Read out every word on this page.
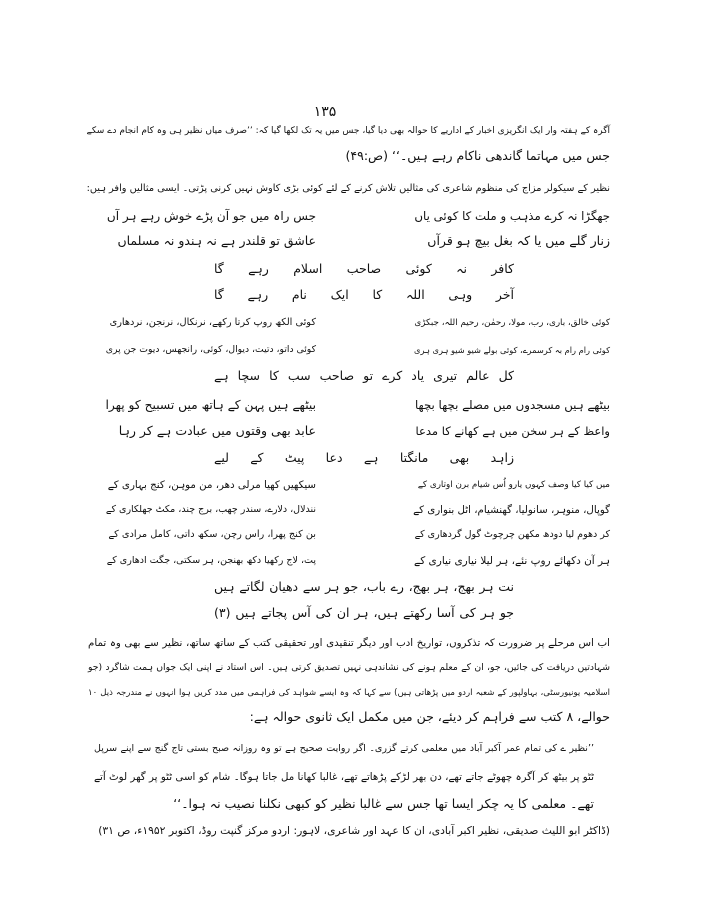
۱۳۵
آگرہ کے ہفتہ وار ایک انگریزی اخبار کے اداریے کا حوالہ بھی دیا گیا، جس میں یہ تک لکھا گیا کہ: ’’صرف میاں نظیر ہی وہ کام انجام دے سکے
جس میں مہاتما گاندھی ناکام رہے ہیں۔‘‘ (ص:۴۹)
نظیر کے سیکولر مزاج کی منظوم شاعری کی مثالیں تلاش کرنے کے لئے کوئی بڑی کاوش نہیں کرنی پڑتی۔ ایسی مثالیں وافر ہیں:
جس راہ میں جو آن پڑے خوش رہے ہر آں	جھگڑا نہ کرے مذہب و ملت کا کوئی یاں
عاشق تو قلندر ہے نہ ہندو نہ مسلماں	زنار گلے میں یا کہ بغل بیچ ہو قرآں
کافر نہ کوئی صاحب اسلام رہے گا
آخر وہی اللہ کا ایک نام رہے گا
کوئی الکھ روپ کرتا رکھے، نرنکال، نرنجن، نردھاری	کوئی خالق، باری، رب، مولا، رحمٰن، رحیم اللہ، جبکڑی
کوئی داتو، دتیت، دیوال، کوئی، رانجھس، دیوت جن پری	کوئی رام رام بہ کرسمرے، کوئی بولے شیو شیو ہری ہری
کل عالم تیری یاد کرے تو صاحب سب کا سچا ہے
بیٹھے ہیں پہن کے ہاتھ میں تسبیح کو پھرا	بیٹھے ہیں مسجدوں میں مصلے بچھا بچھا
عابد بھی وقتوں میں عبادت ہے کر رہا	واعظ کے ہر سخن میں ہے کھانے کا مدعا
زاہد بھی مانگتا ہے دعا پیٹ کے لیے
سیکھیں کھیا مرلی دھر، من موہن، کنج بہاری کے	میں کیا کیا وصف کہوں یارو اُس شیام برن اوتاری کے
نندلال، دلارے، سندر چھب، برج چند، مکٹ جھلکاری کے	گوپال، منوہر، سانولیا، گھنشیام، اٹل بنواری کے
بن کنج پھرا، راس رچن، سکھ داتی، کامل مرادی کے	کر دھوم لیا دودھ مکھن چرچوٹ گول گردھاری کے
پت، لاج رکھیا دکھ بھنجن، ہر سکتی، جگت ادھاری کے	ہر آن دکھائے روپ نئے، ہر لیلا نیاری نیاری کے
نت ہر بھج، ہر بھج، رے باب، جو ہر سے دھیان لگاتے ہیں
جو ہر کی آسا رکھتے ہیں، ہر ان کی آس پجاتے ہیں (۳)
اب اس مرحلے پر ضرورت کہ تذکروں، تواریخ ادب اور دیگر تنقیدی اور تحقیقی کتب کے ساتھ ساتھ، نظیر سے بھی وہ تمام
شہادتیں دریافت کی جائیں، جو، ان کے معلم ہونے کی نشاندہی نہیں تصدیق کرتی ہیں۔ اس استاد نے اپنی ایک جواں ہمت شاگرد (جو
اسلامیہ یونیورسٹی، بہاولپور کے شعبہ اردو میں پڑھاتی ہیں) سے کہا کہ وہ ایسے شواہد کی فراہمی میں مدد کریں ہوا انہوں نے مندرجہ ذیل ۱۰
حوالے، ۸ کتب سے فراہم کر دیئے، جن میں مکمل ایک ثانوی حوالہ ہے:
’’نظیر ے کی تمام عمر آکبر آباد میں معلمی کرتے گزری۔ اگر روایت صحیح ہے تو وہ روزانہ صبح بستی تاج گنج سے اپنے سرپل
ٹٹو پر بیٹھ کر آگرہ چھوٹے جاتے تھے، دن بھر لڑکے پڑھاتے تھے، غالبا کھانا مل جاتا ہوگا۔ شام کو اسی ٹٹو پر گھر لوٹ آتے
تھے۔ معلمی کا یہ چکر ایسا تھا جس سے غالبا نظیر کو کبھی نکلنا نصیب نہ ہوا۔‘‘
(ڈاکٹر ابو اللیث صدیقی، نظیر اکبر آبادی، ان کا عہد اور شاعری، لاہور: اردو مرکز گنپت روڈ، اکتوبر ۱۹۵۲ء، ص ۳۱)
